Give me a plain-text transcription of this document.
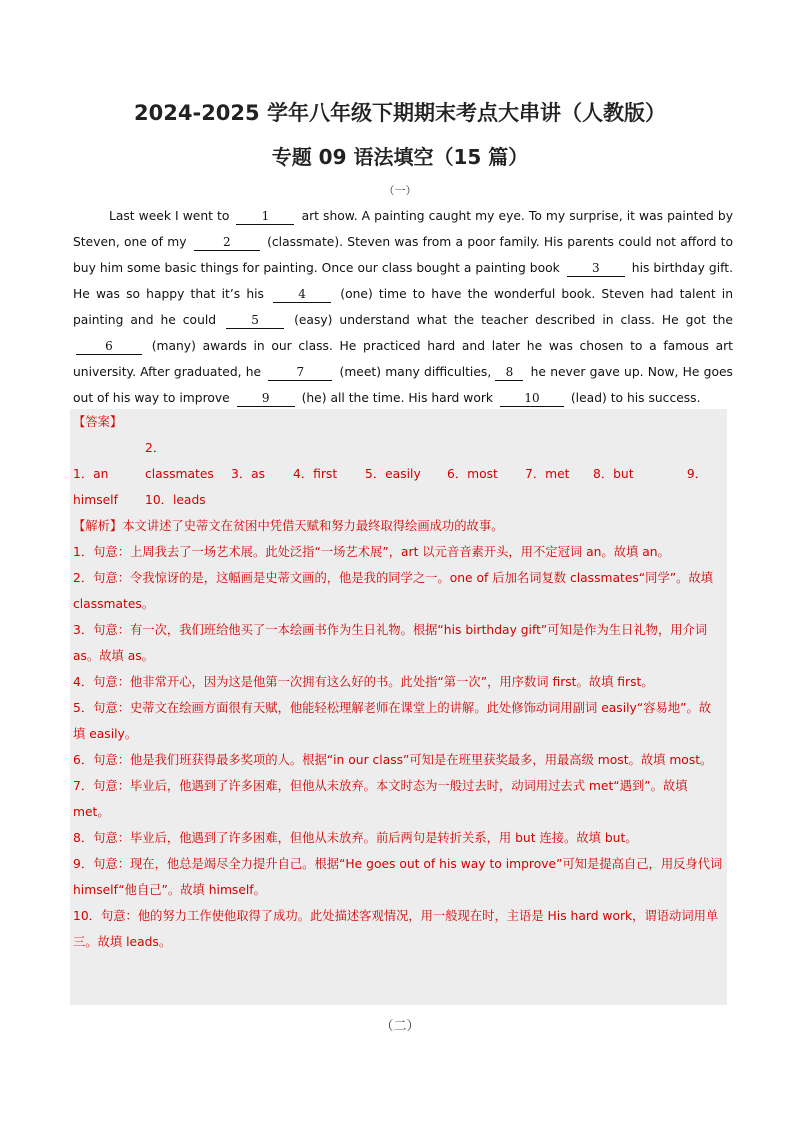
2024-2025 学年八年级下期期末考点大串讲（人教版）
专题 09 语法填空（15 篇）
（一）
Last week I went to	1	art show. A painting caught my eye. To my surprise, it was painted by Steven, one of my	2	(classmate). Steven was from a poor family. His parents could not afford to buy him some basic things for painting. Once our class bought a painting book	3	his birthday gift. He was so happy that it’s his	4	(one) time to have the wonderful book. Steven had talent in painting and he could	5	(easy) understand what the teacher described in class. He got the 6	(many) awards in our class. He practiced hard and later he was chosen to a famous art university. After graduated, he	7	(meet) many difficulties, 8 he never gave up. Now, He goes out of his way to improve	9	(he) all the time. His hard work	10	(lead) to his success.

【答案】

1．an2．classmates 3．as 4．first 5．easily 6．most 7．met 8．but	9．

himself 10．leads

【解析】本文讲述了史蒂文在贫困中凭借天赋和努力最终取得绘画成功的故事。

1．句意：上周我去了一场艺术展。此处泛指“一场艺术展”，art 以元音音素开头，用不定冠词 an。故填 an。

2．句意：令我惊讶的是，这幅画是史蒂文画的，他是我的同学之一。one of 后加名词复数 classmates“同学”。故填 classmates。

3．句意：有一次，我们班给他买了一本绘画书作为生日礼物。根据“his birthday gift”可知是作为生日礼物，用介词 as。故填 as。

4．句意：他非常开心，因为这是他第一次拥有这么好的书。此处指“第一次”，用序数词 first。故填 first。

5．句意：史蒂文在绘画方面很有天赋，他能轻松理解老师在课堂上的讲解。此处修饰动词用副词 easily“容易地”。故填 easily。

6．句意：他是我们班获得最多奖项的人。根据“in our class”可知是在班里获奖最多，用最高级 most。故填 most。

7．句意：毕业后，他遇到了许多困难，但他从未放弃。本文时态为一般过去时，动词用过去式 met“遇到”。故填 met。

8．句意：毕业后，他遇到了许多困难，但他从未放弃。前后两句是转折关系，用 but 连接。故填 but。

9．句意：现在，他总是竭尽全力提升自己。根据“He goes out of his way to improve”可知是提高自己，用反身代词 himself“他自己”。故填 himself。

10．句意：他的努力工作使他取得了成功。此处描述客观情况，用一般现在时，主语是 His hard work，谓语动词用单三。故填 leads。

（二）
